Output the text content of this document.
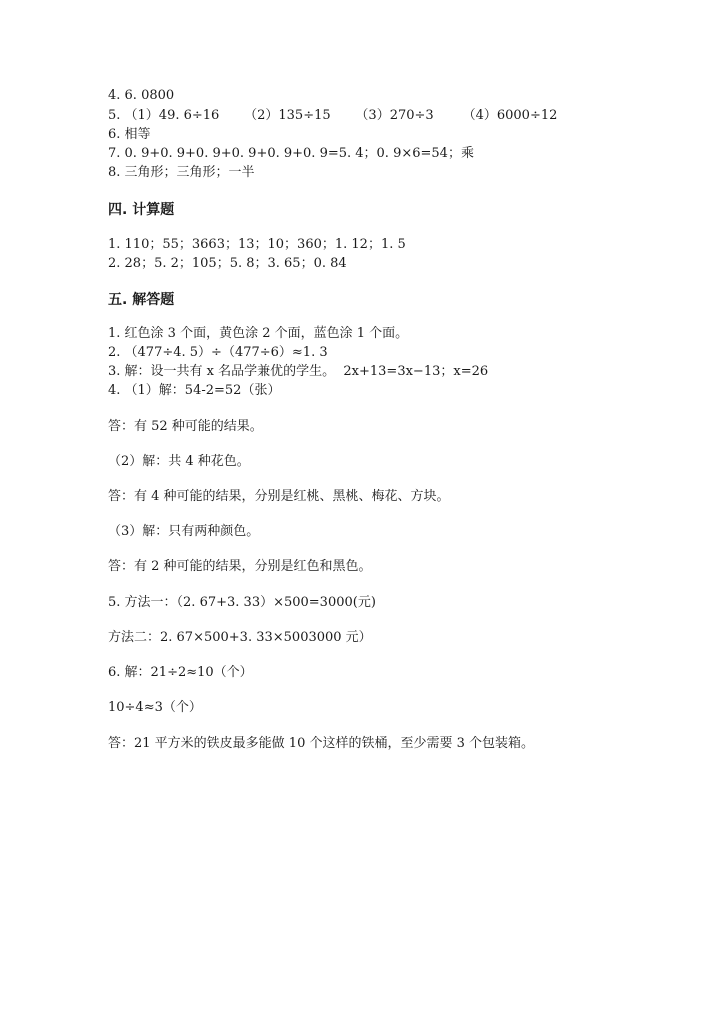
4. 6. 0800
5. （1）49. 6÷16      （2）135÷15      （3）270÷3       （4）6000÷12
6. 相等
7. 0. 9+0. 9+0. 9+0. 9+0. 9+0. 9=5. 4；0. 9×6=54；乘
8. 三角形；三角形；一半
四. 计算题
1. 110；55；3663；13；10；360；1. 12；1. 5
2. 28；5. 2；105；5. 8；3. 65；0. 84
五. 解答题
1. 红色涂 3 个面，黄色涂 2 个面，蓝色涂 1 个面。
2. （477÷4. 5）÷（477÷6）≈1. 3
3. 解：设一共有 x 名品学兼优的学生。  2x+13=3x−13；x=26
4. （1）解：54-2=52（张）
答：有 52 种可能的结果。
（2）解：共 4 种花色。
答：有 4 种可能的结果，分别是红桃、黑桃、梅花、方块。
（3）解：只有两种颜色。
答：有 2 种可能的结果，分别是红色和黑色。
5. 方法一：（2. 67+3. 33）×500=3000(元)
方法二：2. 67×500+3. 33×5003000 元）
6. 解：21÷2≈10（个）
10÷4≈3（个）
答：21 平方米的铁皮最多能做 10 个这样的铁桶，至少需要 3 个包装箱。
